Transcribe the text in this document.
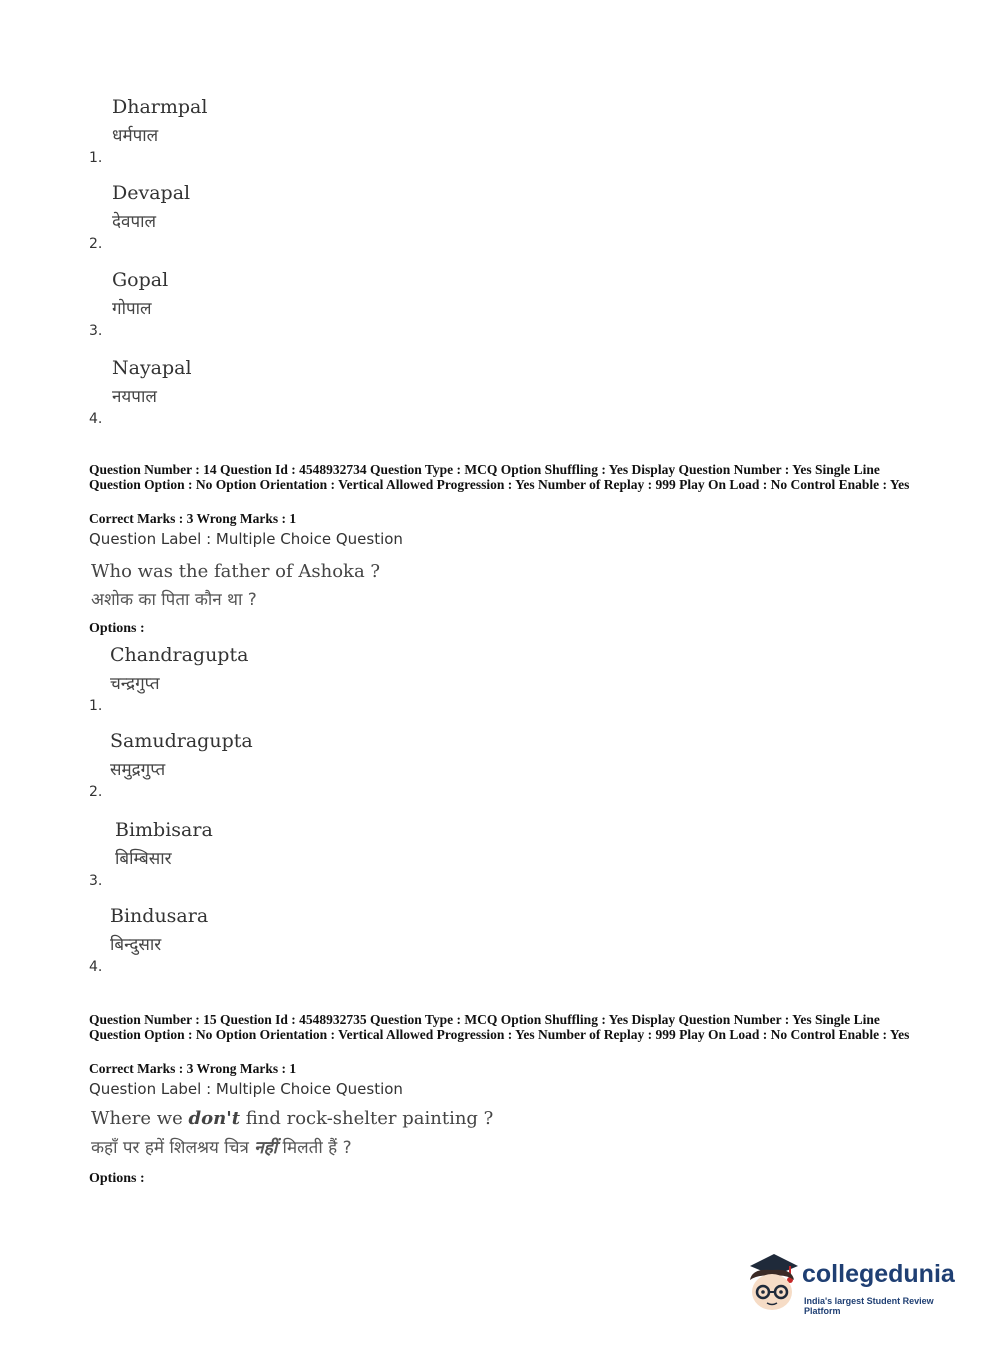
1.
Dharmpal
धर्मपाल
2.
Devapal
देवपाल
3.
Gopal
गोपाल
4.
Nayapal
नयपाल
Question Number : 14 Question Id : 4548932734 Question Type : MCQ Option Shuffling : Yes Display Question Number : Yes Single Line Question Option : No Option Orientation : Vertical Allowed Progression : Yes Number of Replay : 999 Play On Load : No Control Enable : Yes
Correct Marks : 3 Wrong Marks : 1
Question Label : Multiple Choice Question
Who was the father of Ashoka ?
अशोक का पिता कौन था ?
Options :
1.
Chandragupta
चन्द्रगुप्त
2.
Samudragupta
समुद्रगुप्त
3.
Bimbisara
बिम्बिसार
4.
Bindusara
बिन्दुसार
Question Number : 15 Question Id : 4548932735 Question Type : MCQ Option Shuffling : Yes Display Question Number : Yes Single Line Question Option : No Option Orientation : Vertical Allowed Progression : Yes Number of Replay : 999 Play On Load : No Control Enable : Yes
Correct Marks : 3 Wrong Marks : 1
Question Label : Multiple Choice Question
Where we don't find rock-shelter painting ?
कहाँ पर हमें शिलश्रय चित्र नहीं मिलती हैं ?
Options :
collegedunia
India's largest Student Review Platform
